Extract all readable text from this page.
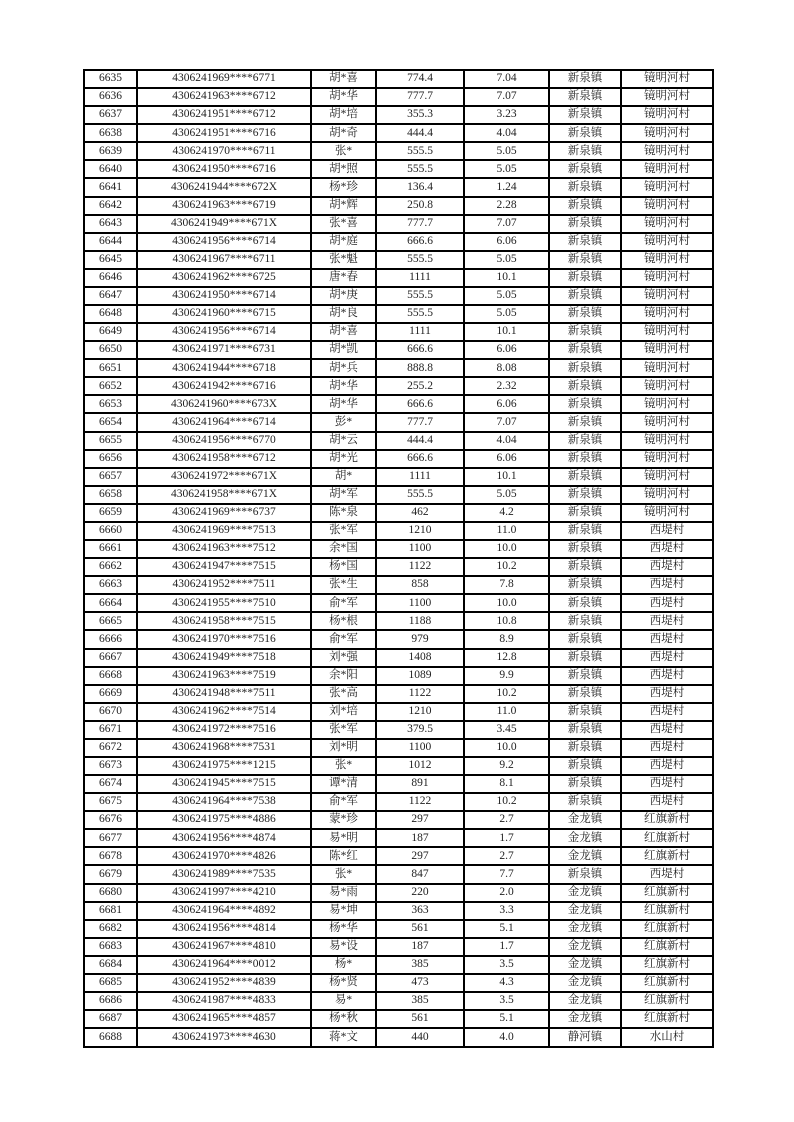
6635	4306241969****6771	胡*喜	774.4	7.04	新泉镇	镜明河村
6636	4306241963****6712	胡*华	777.7	7.07	新泉镇	镜明河村
6637	4306241951****6712	胡*培	355.3	3.23	新泉镇	镜明河村
6638	4306241951****6716	胡*奇	444.4	4.04	新泉镇	镜明河村
6639	4306241970****6711	张*	555.5	5.05	新泉镇	镜明河村
6640	4306241950****6716	胡*照	555.5	5.05	新泉镇	镜明河村
6641	4306241944****672X	杨*珍	136.4	1.24	新泉镇	镜明河村
6642	4306241963****6719	胡*辉	250.8	2.28	新泉镇	镜明河村
6643	4306241949****671X	张*喜	777.7	7.07	新泉镇	镜明河村
6644	4306241956****6714	胡*庭	666.6	6.06	新泉镇	镜明河村
6645	4306241967****6711	张*魁	555.5	5.05	新泉镇	镜明河村
6646	4306241962****6725	唐*春	1111	10.1	新泉镇	镜明河村
6647	4306241950****6714	胡*庚	555.5	5.05	新泉镇	镜明河村
6648	4306241960****6715	胡*良	555.5	5.05	新泉镇	镜明河村
6649	4306241956****6714	胡*喜	1111	10.1	新泉镇	镜明河村
6650	4306241971****6731	胡*凯	666.6	6.06	新泉镇	镜明河村
6651	4306241944****6718	胡*兵	888.8	8.08	新泉镇	镜明河村
6652	4306241942****6716	胡*华	255.2	2.32	新泉镇	镜明河村
6653	4306241960****673X	胡*华	666.6	6.06	新泉镇	镜明河村
6654	4306241964****6714	彭*	777.7	7.07	新泉镇	镜明河村
6655	4306241956****6770	胡*云	444.4	4.04	新泉镇	镜明河村
6656	4306241958****6712	胡*光	666.6	6.06	新泉镇	镜明河村
6657	4306241972****671X	胡*	1111	10.1	新泉镇	镜明河村
6658	4306241958****671X	胡*军	555.5	5.05	新泉镇	镜明河村
6659	4306241969****6737	陈*泉	462	4.2	新泉镇	镜明河村
6660	4306241969****7513	张*军	1210	11.0	新泉镇	西堤村
6661	4306241963****7512	余*国	1100	10.0	新泉镇	西堤村
6662	4306241947****7515	杨*国	1122	10.2	新泉镇	西堤村
6663	4306241952****7511	张*生	858	7.8	新泉镇	西堤村
6664	4306241955****7510	俞*军	1100	10.0	新泉镇	西堤村
6665	4306241958****7515	杨*根	1188	10.8	新泉镇	西堤村
6666	4306241970****7516	俞*军	979	8.9	新泉镇	西堤村
6667	4306241949****7518	刘*强	1408	12.8	新泉镇	西堤村
6668	4306241963****7519	余*阳	1089	9.9	新泉镇	西堤村
6669	4306241948****7511	张*高	1122	10.2	新泉镇	西堤村
6670	4306241962****7514	刘*培	1210	11.0	新泉镇	西堤村
6671	4306241972****7516	张*军	379.5	3.45	新泉镇	西堤村
6672	4306241968****7531	刘*明	1100	10.0	新泉镇	西堤村
6673	4306241975****1215	张*	1012	9.2	新泉镇	西堤村
6674	4306241945****7515	谭*清	891	8.1	新泉镇	西堤村
6675	4306241964****7538	俞*军	1122	10.2	新泉镇	西堤村
6676	4306241975****4886	蒙*珍	297	2.7	金龙镇	红旗新村
6677	4306241956****4874	易*明	187	1.7	金龙镇	红旗新村
6678	4306241970****4826	陈*红	297	2.7	金龙镇	红旗新村
6679	4306241989****7535	张*	847	7.7	新泉镇	西堤村
6680	4306241997****4210	易*雨	220	2.0	金龙镇	红旗新村
6681	4306241964****4892	易*坤	363	3.3	金龙镇	红旗新村
6682	4306241956****4814	杨*华	561	5.1	金龙镇	红旗新村
6683	4306241967****4810	易*设	187	1.7	金龙镇	红旗新村
6684	4306241964****0012	杨*	385	3.5	金龙镇	红旗新村
6685	4306241952****4839	杨*贤	473	4.3	金龙镇	红旗新村
6686	4306241987****4833	易*	385	3.5	金龙镇	红旗新村
6687	4306241965****4857	杨*秋	561	5.1	金龙镇	红旗新村
6688	4306241973****4630	蒋*文	440	4.0	静河镇	水山村
